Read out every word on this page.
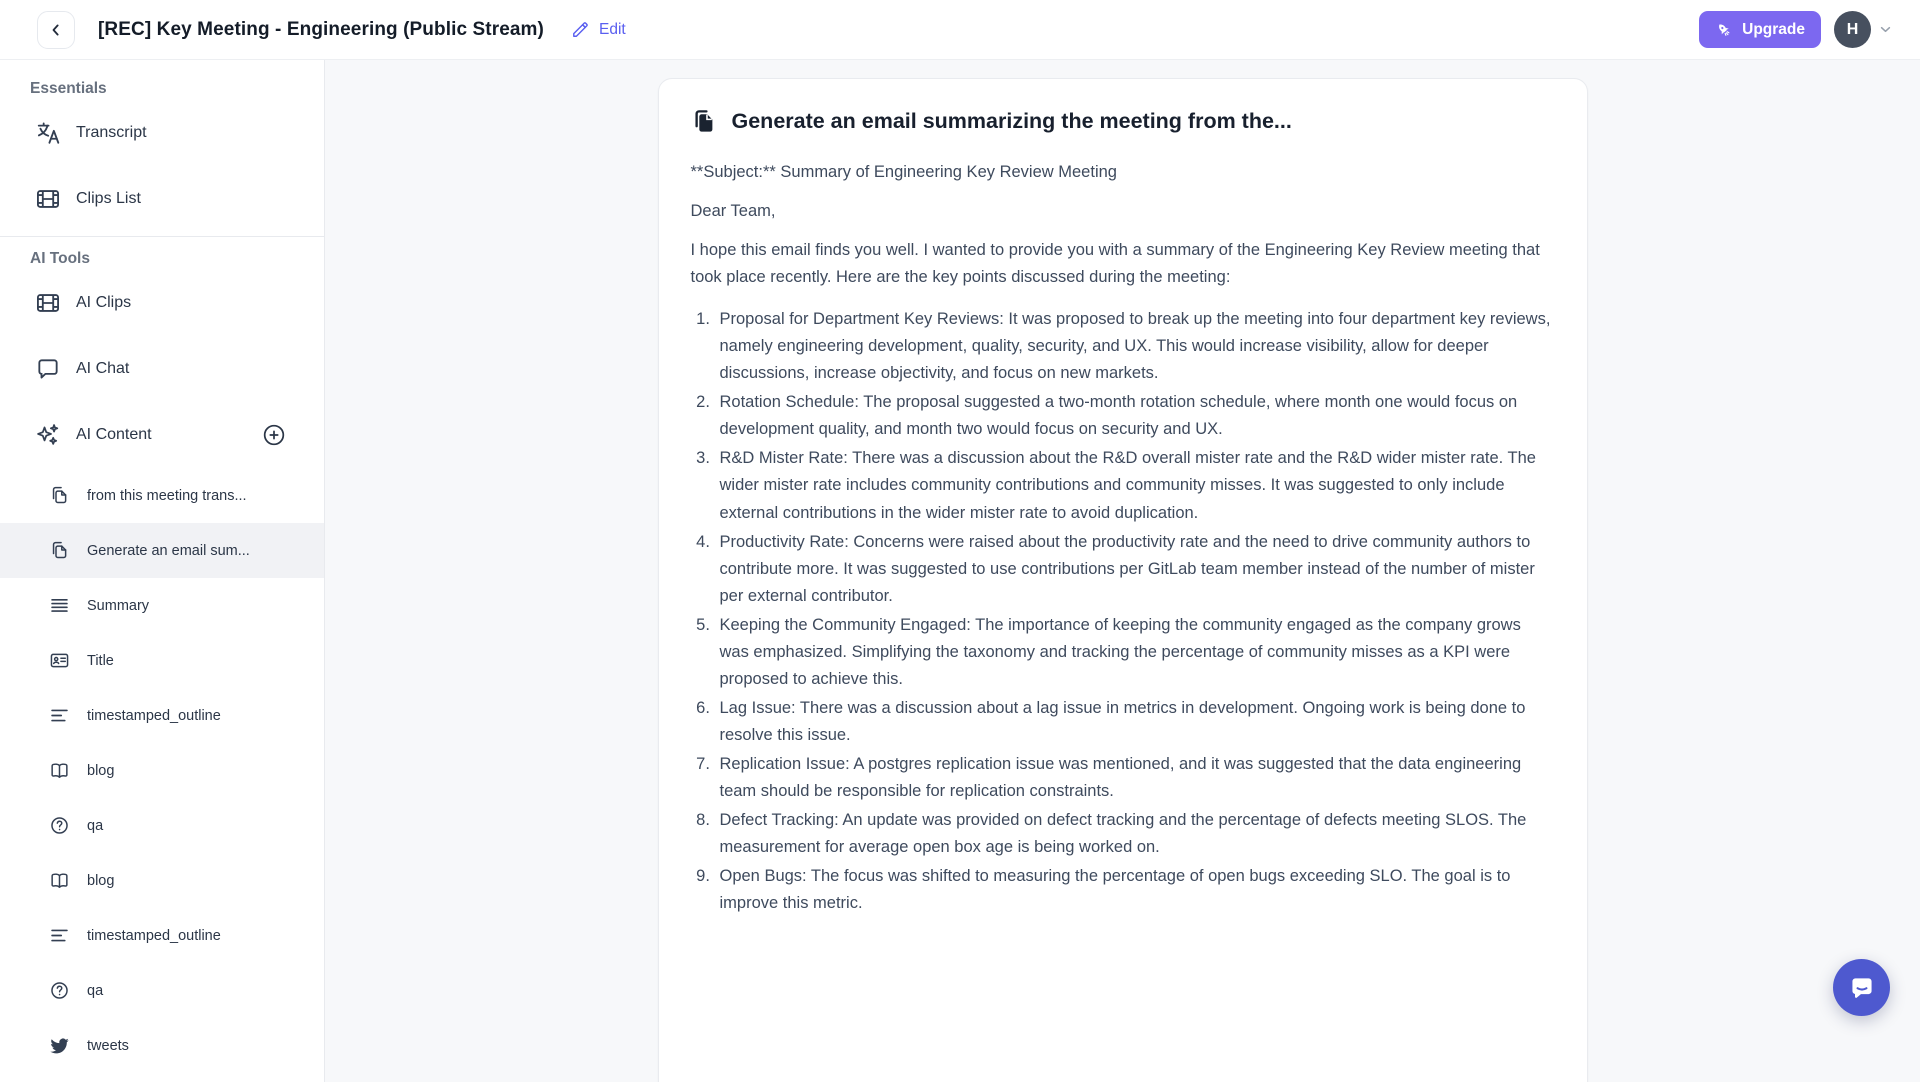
[REC] Key Meeting - Engineering (Public Stream)	Edit	Upgrade	H
Essentials
Transcript
Clips List
AI Tools
AI Clips
AI Chat
AI Content
from this meeting trans...
Generate an email sum...
Summary
Title
timestamped_outline
blog
qa
blog
timestamped_outline
qa
tweets
Generate an email summarizing the meeting from the...

**Subject:** Summary of Engineering Key Review Meeting

Dear Team,

I hope this email finds you well. I wanted to provide you with a summary of the Engineering Key Review meeting that took place recently. Here are the key points discussed during the meeting:

1. Proposal for Department Key Reviews: It was proposed to break up the meeting into four department key reviews, namely engineering development, quality, security, and UX. This would increase visibility, allow for deeper discussions, increase objectivity, and focus on new markets.
2. Rotation Schedule: The proposal suggested a two-month rotation schedule, where month one would focus on development quality, and month two would focus on security and UX.
3. R&D Mister Rate: There was a discussion about the R&D overall mister rate and the R&D wider mister rate. The wider mister rate includes community contributions and community misses. It was suggested to only include external contributions in the wider mister rate to avoid duplication.
4. Productivity Rate: Concerns were raised about the productivity rate and the need to drive community authors to contribute more. It was suggested to use contributions per GitLab team member instead of the number of mister per external contributor.
5. Keeping the Community Engaged: The importance of keeping the community engaged as the company grows was emphasized. Simplifying the taxonomy and tracking the percentage of community misses as a KPI were proposed to achieve this.
6. Lag Issue: There was a discussion about a lag issue in metrics in development. Ongoing work is being done to resolve this issue.
7. Replication Issue: A postgres replication issue was mentioned, and it was suggested that the data engineering team should be responsible for replication constraints.
8. Defect Tracking: An update was provided on defect tracking and the percentage of defects meeting SLOS. The measurement for average open box age is being worked on.
9. Open Bugs: The focus was shifted to measuring the percentage of open bugs exceeding SLO. The goal is to improve this metric.
